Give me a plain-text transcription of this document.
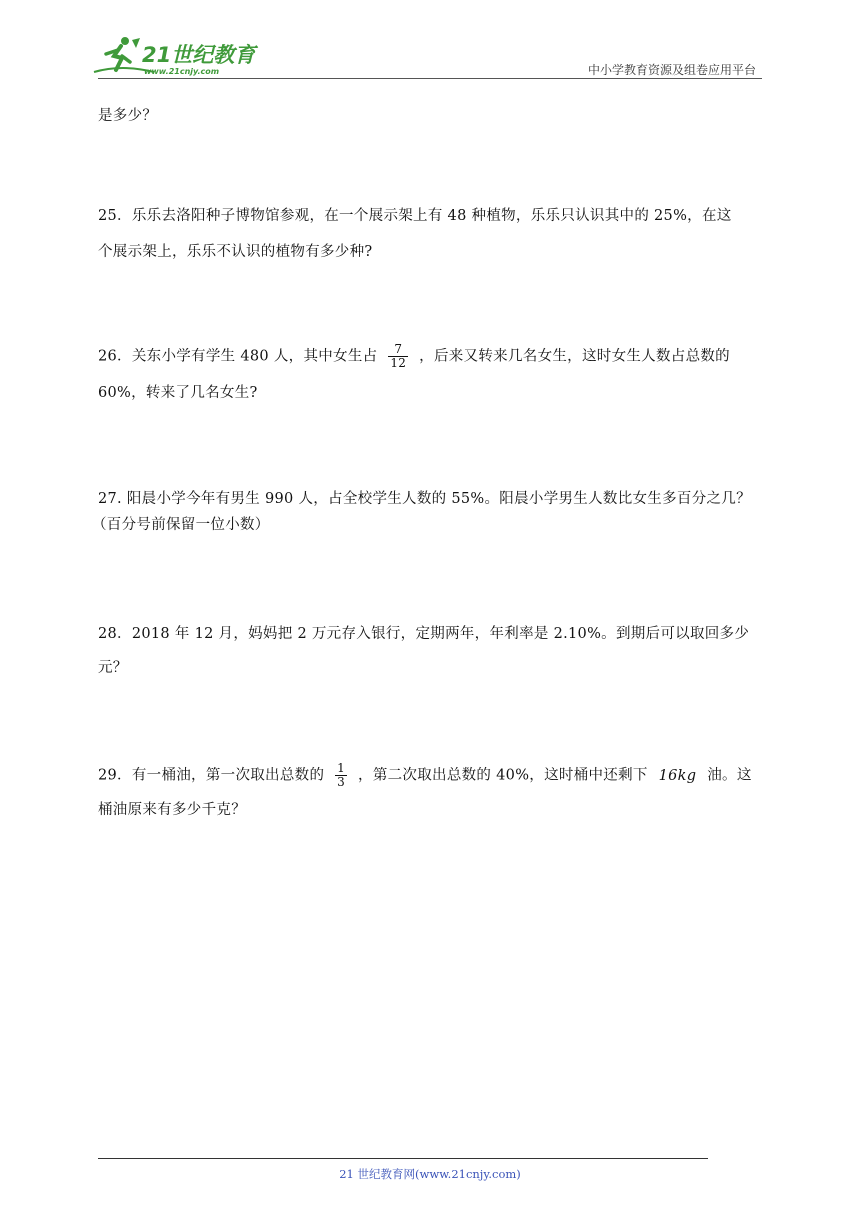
21世纪教育
www.21cnjy.com	中小学教育资源及组卷应用平台
是多少？
25．乐乐去洛阳种子博物馆参观，在一个展示架上有 48 种植物，乐乐只认识其中的 25%，在这
个展示架上，乐乐不认识的植物有多少种?
26．关东小学有学生 480 人，其中女生占 $\frac{7}{12}$ ，后来又转来几名女生，这时女生人数占总数的
60%，转来了几名女生?
27. 阳晨小学今年有男生 990 人，占全校学生人数的 55%。阳晨小学男生人数比女生多百分之几？
（百分号前保留一位小数）
28．2018 年 12 月，妈妈把 2 万元存入银行，定期两年，年利率是 2.10%。到期后可以取回多少
元？
29．有一桶油，第一次取出总数的 $\frac{1}{3}$ ，第二次取出总数的 40%，这时桶中还剩下 16kg 油。这
桶油原来有多少千克？
21 世纪教育网(www.21cnjy.com)
